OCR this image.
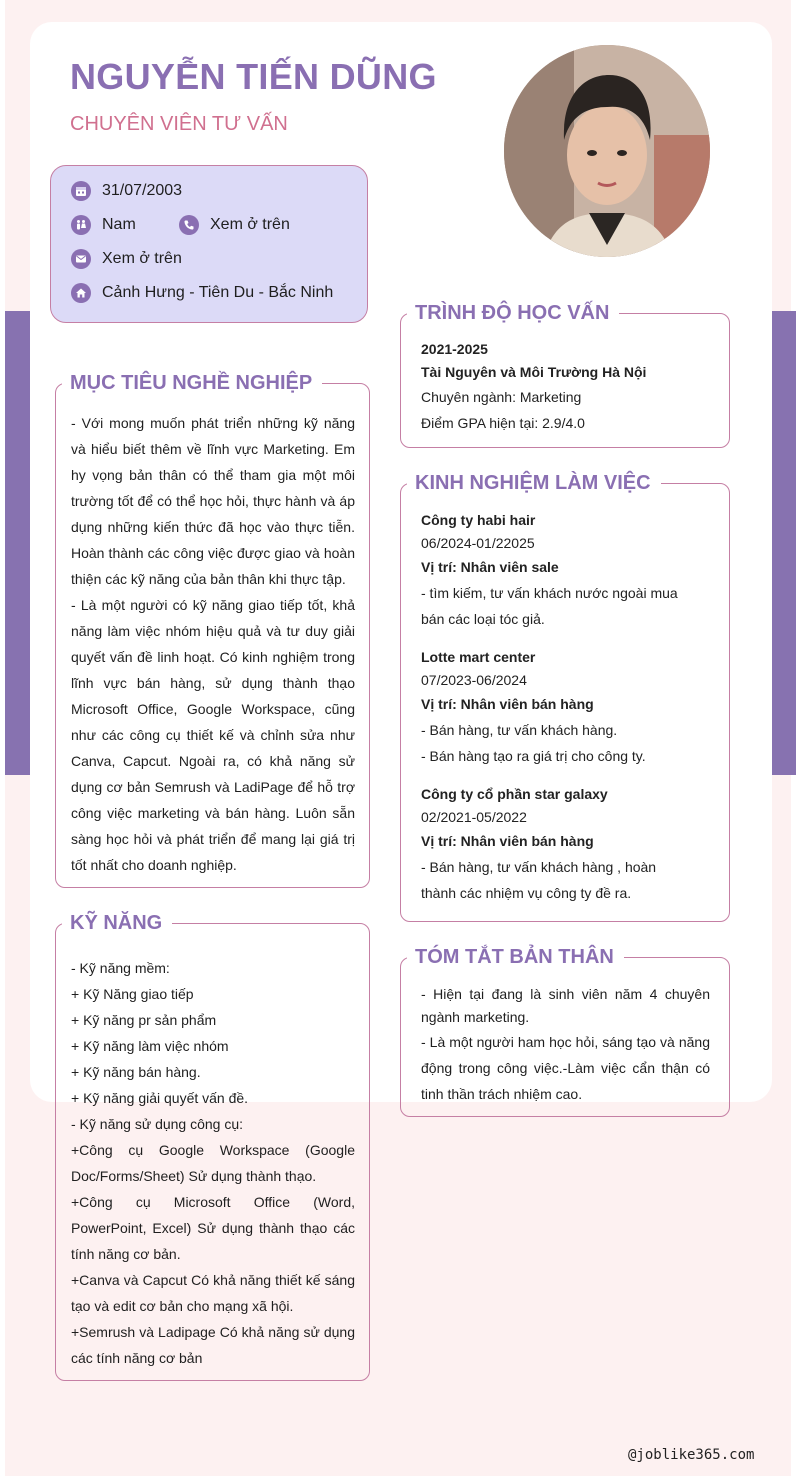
NGUYỄN TIẾN DŨNG
CHUYÊN VIÊN TƯ VẤN
31/07/2003
Nam	Xem ở trên
Xem ở trên
Cảnh Hưng - Tiên Du - Bắc Ninh

- Với mong muốn phát triển những kỹ năng và hiểu biết thêm về lĩnh vực Marketing. Em hy vọng bản thân có thể tham gia một môi trường tốt để có thể học hỏi, thực hành và áp dụng những kiến thức đã học vào thực tiễn. Hoàn thành các công việc được giao và hoàn thiện các kỹ năng của bản thân khi thực tập.

- Là một người có kỹ năng giao tiếp tốt, khả năng làm việc nhóm hiệu quả và tư duy giải quyết vấn đề linh hoạt. Có kinh nghiệm trong lĩnh vực bán hàng, sử dụng thành thạo Microsoft Office, Google Workspace, cũng như các công cụ thiết kế và chỉnh sửa như Canva, Capcut. Ngoài ra, có khả năng sử dụng cơ bản Semrush và LadiPage để hỗ trợ công việc marketing và bán hàng. Luôn sẵn sàng học hỏi và phát triển để mang lại giá trị tốt nhất cho doanh nghiệp.

MỤC TIÊU NGHỀ NGHIỆP

- Kỹ năng mềm:

+ Kỹ Năng giao tiếp

+ Kỹ năng pr sản phẩm

+ Kỹ năng làm việc nhóm

+ Kỹ năng bán hàng.

+ Kỹ năng giải quyết vấn đề.

- Kỹ năng sử dụng công cụ:

+Công cụ Google Workspace (Google Doc/Forms/Sheet) Sử dụng thành thạo.

+Công cụ Microsoft Office (Word, PowerPoint, Excel) Sử dụng thành thạo các tính năng cơ bản.

+Canva và Capcut Có khả năng thiết kế sáng tạo và edit cơ bản cho mạng xã hội.

+Semrush và Ladipage Có khả năng sử dụng các tính năng cơ bản

KỸ NĂNG
2021-2025
Tài Nguyên và Môi Trường Hà Nội
Chuyên ngành: Marketing
Điểm GPA hiện tại: 2.9/4.0
TRÌNH ĐỘ HỌC VẤN
Công ty habi hair
06/2024-01/22025
Vị trí: Nhân viên sale
- tìm kiếm, tư vấn khách nước ngoài mua bán các loại tóc giả.
Lotte mart center
07/2023-06/2024
Vị trí: Nhân viên bán hàng
- Bán hàng, tư vấn khách hàng.
- Bán hàng tạo ra giá trị cho công ty.
Công ty cổ phần star galaxy
02/2021-05/2022
Vị trí: Nhân viên bán hàng
- Bán hàng, tư vấn khách hàng , hoàn thành các nhiệm vụ công ty đề ra.
KINH NGHIỆM LÀM VIỆC

- Hiện tại đang là sinh viên năm 4 chuyên ngành marketing.

- Là một người ham học hỏi, sáng tạo và năng động trong công việc.-Làm việc cẩn thận có tinh thần trách nhiệm cao.

TÓM TẮT BẢN THÂN
@joblike365.com
